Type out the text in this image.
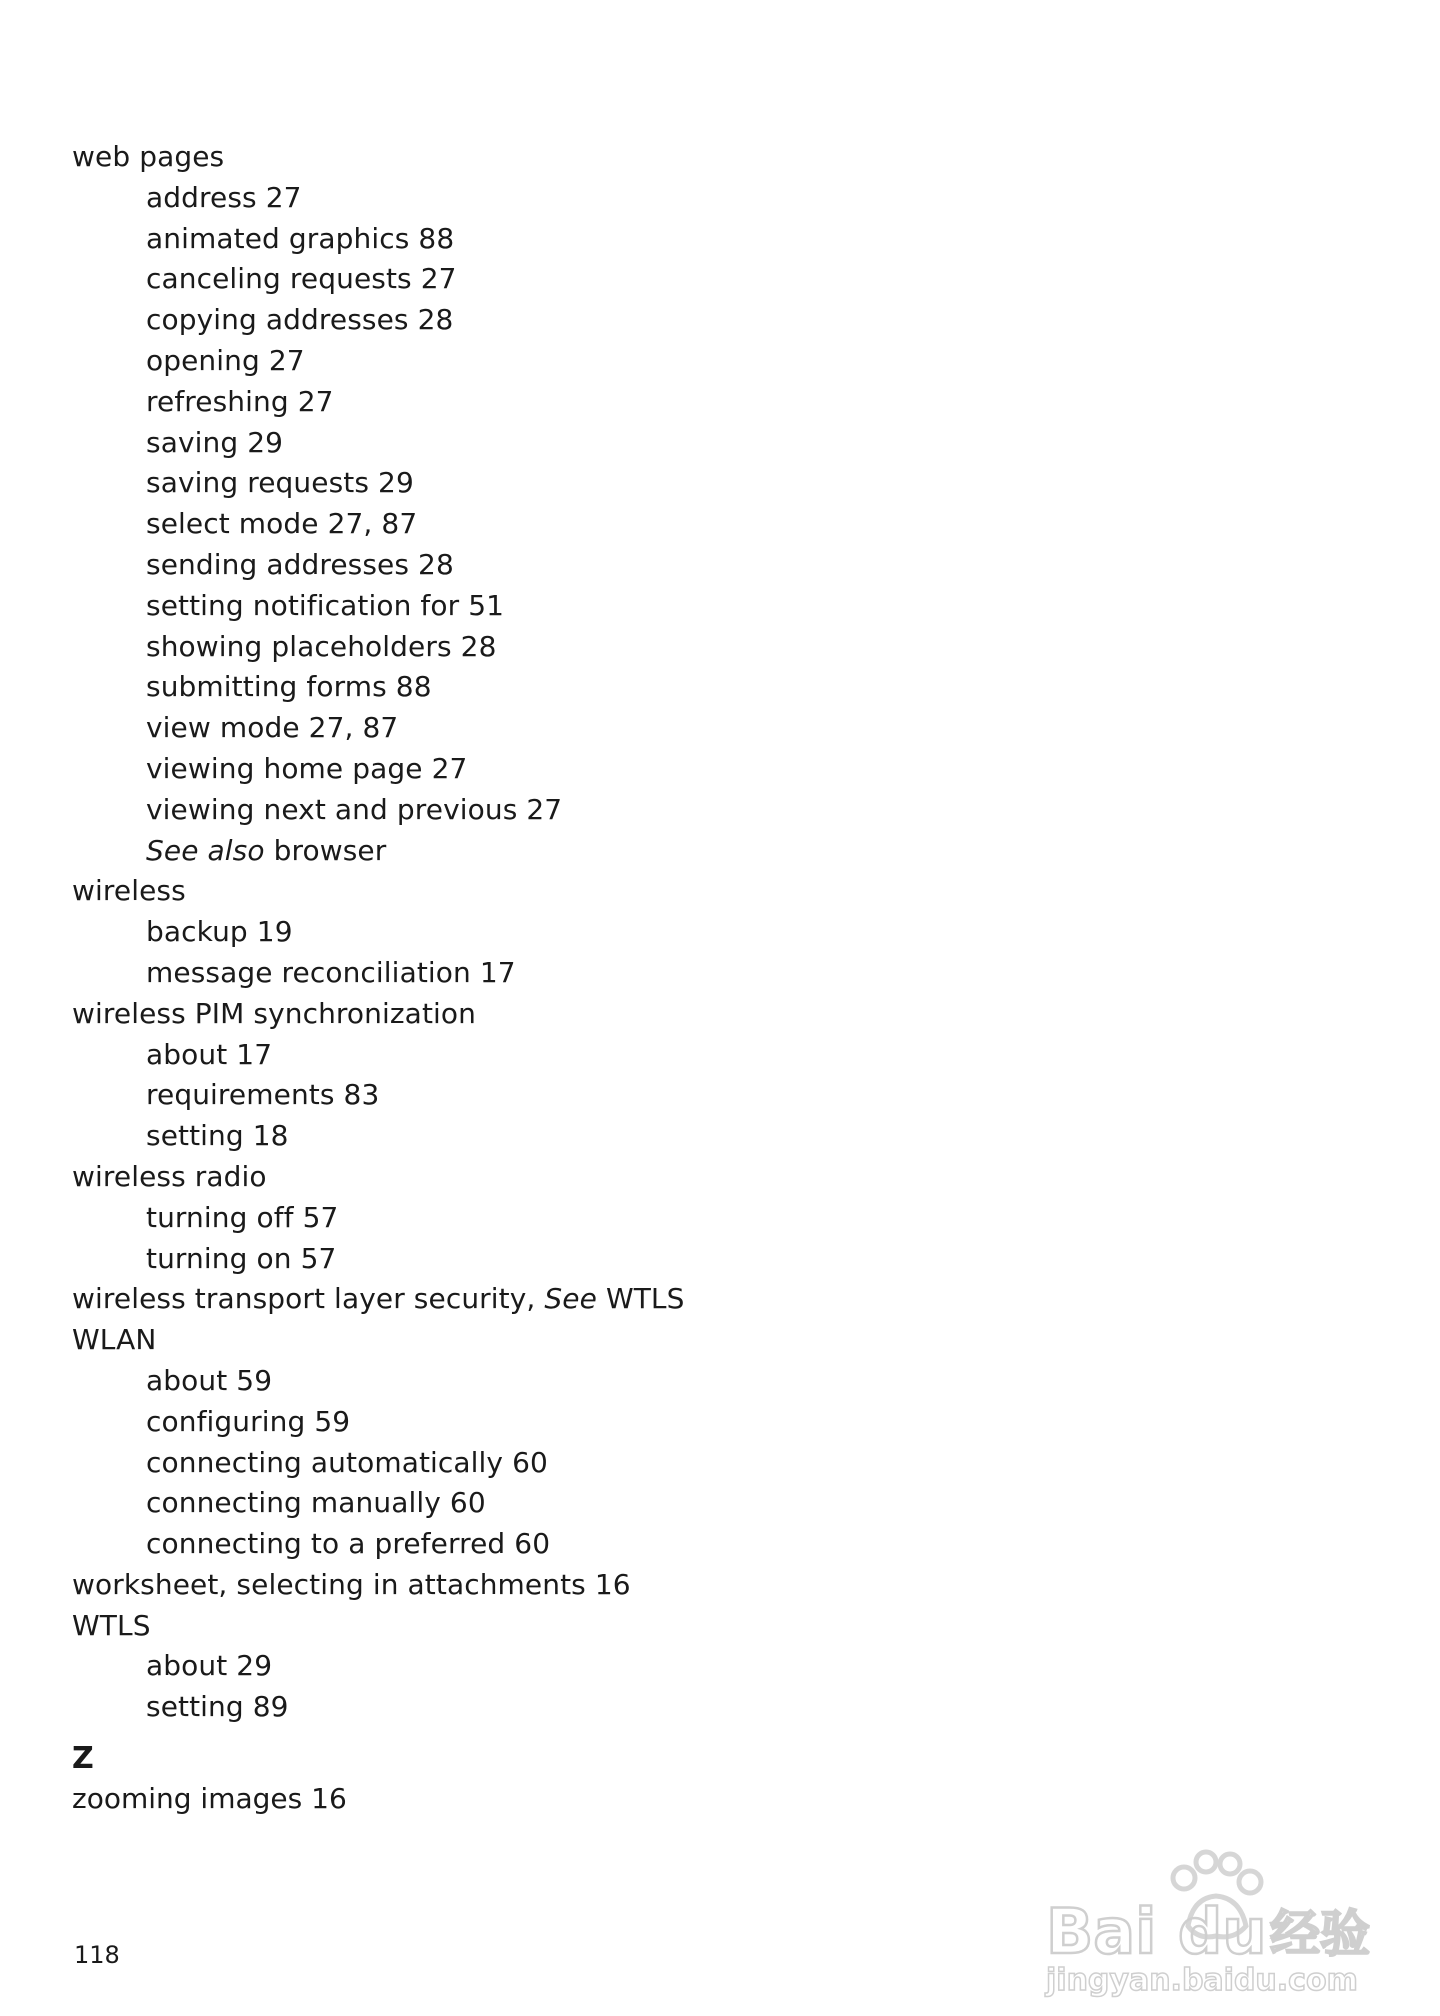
web pages
address 27
animated graphics 88
canceling requests 27
copying addresses 28
opening 27
refreshing 27
saving 29
saving requests 29
select mode 27, 87
sending addresses 28
setting notification for 51
showing placeholders 28
submitting forms 88
view mode 27, 87
viewing home page 27
viewing next and previous 27
See also browser
wireless
backup 19
message reconciliation 17
wireless PIM synchronization
about 17
requirements 83
setting 18
wireless radio
turning off 57
turning on 57
wireless transport layer security, See WTLS
WLAN
about 59
configuring 59
connecting automatically 60
connecting manually 60
connecting to a preferred 60
worksheet, selecting in attachments 16
WTLS
about 29
setting 89
Z
zooming images 16
118	Bai du 经验
jingyan.baidu.com
